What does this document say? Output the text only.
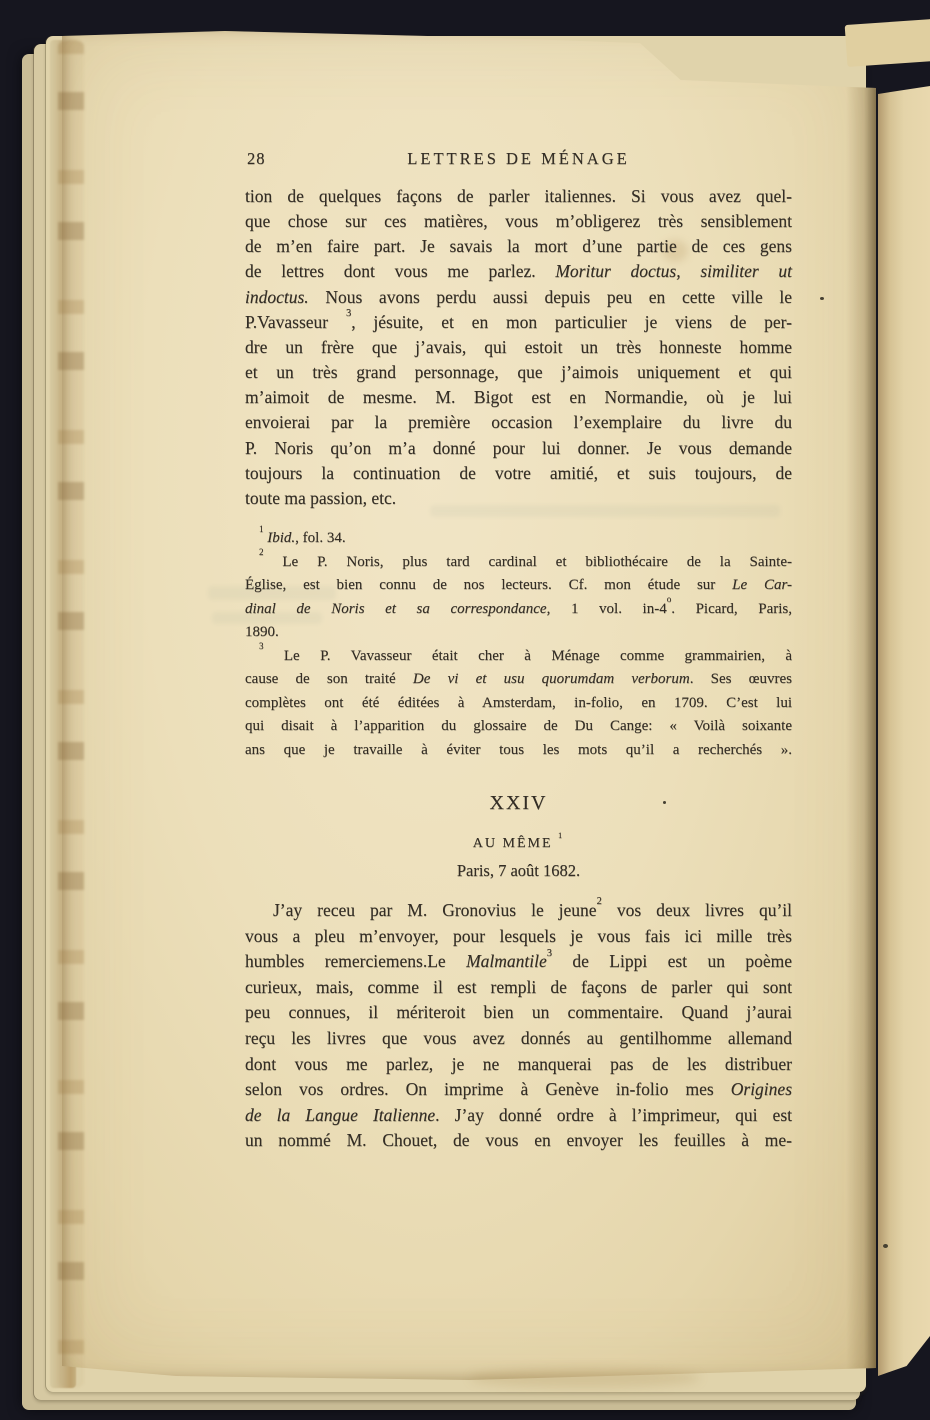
28	LETTRES DE MÉNAGE
tion de quelques façons de parler italiennes. Si vous avez quel-
que chose sur ces matières, vous m’obligerez très sensiblement
de m’en faire part. Je savais la mort d’une partie de ces gens
de lettres dont vous me parlez. Moritur doctus, similiter ut
indoctus. Nous avons perdu aussi depuis peu en cette ville le
P.Vavasseur $^3$, jésuite, et en mon particulier je viens de per-
dre un frère que j’avais, qui estoit un très honneste homme
et un très grand personnage, que j’aimois uniquement et qui
m’aimoit de mesme. M. Bigot est en Normandie, où je lui
envoierai par la première occasion l’exemplaire du livre du
P. Noris qu’on m’a donné pour lui donner. Je vous demande
toujours la continuation de votre amitié, et suis toujours, de
toute ma passion, etc.
$^1$ Ibid., fol. 34.
$^2$ Le P. Noris, plus tard cardinal et bibliothécaire de la Sainte-
Église, est bien connu de nos lecteurs. Cf. mon étude sur Le Car-
dinal de Noris et sa correspondance, 1 vol. in-4$^o$. Picard, Paris,
1890.
$^3$ Le P. Vavasseur était cher à Ménage comme grammairien, à
cause de son traité De vi et usu quorumdam verborum. Ses œuvres
complètes ont été éditées à Amsterdam, in-folio, en 1709. C’est lui
qui disait à l’apparition du glossaire de Du Cange: « Voilà soixante
ans que je travaille à éviter tous les mots qu’il a recherchés ».
XXIV
AU MÊME $^1$
Paris, 7 août 1682.
J’ay receu par M. Gronovius le jeune$^2$ vos deux livres qu’il
vous a pleu m’envoyer, pour lesquels je vous fais ici mille très
humbles remerciemens.Le Malmantile$^3$ de Lippi est un poème
curieux, mais, comme il est rempli de façons de parler qui sont
peu connues, il mériteroit bien un commentaire. Quand j’aurai
reçu les livres que vous avez donnés au gentilhomme allemand
dont vous me parlez, je ne manquerai pas de les distribuer
selon vos ordres. On imprime à Genève in-folio mes Origines
de la Langue Italienne. J’ay donné ordre à l’imprimeur, qui est
un nommé M. Chouet, de vous en envoyer les feuilles à me-
